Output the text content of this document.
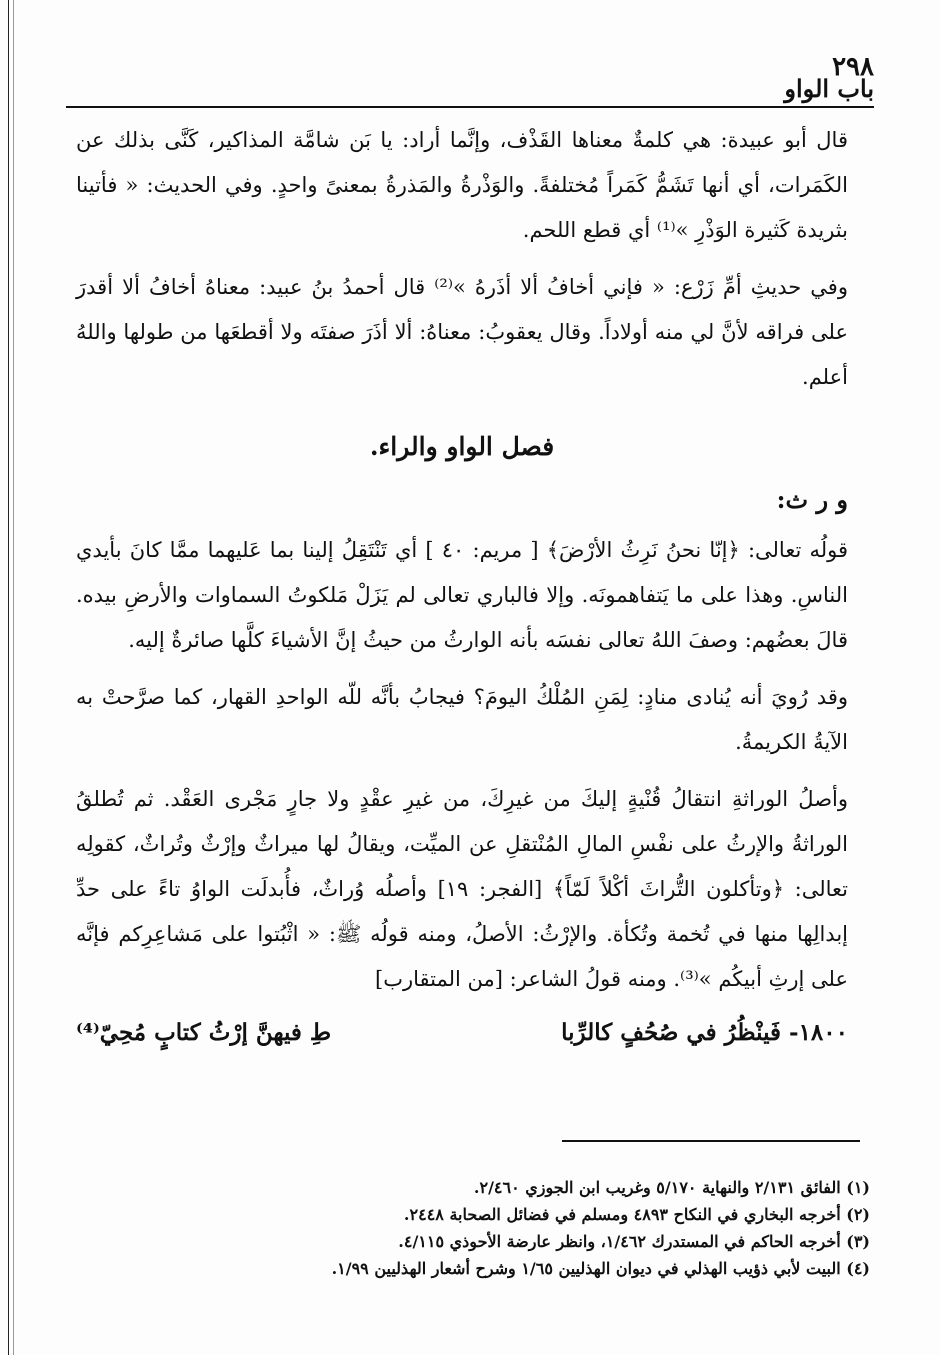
٢٩٨
باب الواو

قال أبو عبيدة: هي كلمةٌ معناها القَذْف، وإنَّما أراد: يا بَن شامَّة المذاكير، كَنَّى بذلك عن الكَمَرات، أي أنها تَشَمُّ كَمَراً مُختلفةً. والوَذْرةُ والمَذرةُ بمعنىً واحدٍ. وفي الحديث: « فأتينا بثريدة كَثيرة الوَذْرِ »⁽¹⁾ أي قطع اللحم.

وفي حديثِ أمِّ زَرْع: « فإني أخافُ ألا أذَرهُ »⁽²⁾ قال أحمدُ بنُ عبيد: معناهُ أخافُ ألا أقدرَ على فراقه لأنَّ لي منه أولاداً. وقال يعقوبُ: معناهُ: ألا أذَرَ صفتَه ولا أقطعَها من طولها واللهُ أعلم.

فصل الواو والراء.
و ر ث:

قولُه تعالى: ﴿إنّا نحنُ نَرِثُ الأرْضَ﴾ [ مريم: ٤٠ ] أي تَنْتَقِلُ إلينا بما عَليهما ممَّا كانَ بأيدي الناسِ. وهذا على ما يَتفاهمونَه. وإلا فالباري تعالى لم يَزَلْ مَلكوتُ السماوات والأرضِ بيده. قالَ بعضُهم: وصفَ اللهُ تعالى نفسَه بأنه الوارثُ من حيثُ إنَّ الأشياءَ كلَّها صائرةٌ إليه.

وقد رُويَ أنه يُنادى منادٍ: لِمَنِ المُلْكُ اليومَ؟ فيجابُ بأنَّه للّه الواحدِ القهار، كما صرَّحتْ به الآيةُ الكريمةُ.

وأصلُ الوراثةِ انتقالُ قُنْيةٍ إليكَ من غيرِكَ، من غيرِ عقْدٍ ولا جارٍ مَجْرى العَقْد. ثم تُطلقُ الوراثةُ والإرثُ على نفْسِ المالِ المُنْتقلِ عن الميِّت، ويقالُ لها ميراثٌ وإرْثٌ وتُراثٌ، كقولِه تعالى: ﴿وتأكلون التُّراثَ أكْلاً لَمّاً﴾ [الفجر: ١٩] وأصلُه وُراثٌ، فأُبدلَت الواوُ تاءً على حدِّ إبدالِها منها في تُخمة وتُكأة. والإرْثُ: الأصلُ، ومنه قولُه ﷺ: « اثْبُتوا على مَشاعِرِكم فإنَّه على إرثِ أبيكُم »⁽³⁾. ومنه قولُ الشاعر: [من المتقارب]

١٨٠٠- فَينْظُرُ في صُحُفٍ كالرِّبا
طِ فيهنَّ إرْثُ كتابٍ مُحِيّ⁽⁴⁾

(١) الفائق ٢/١٣١ والنهاية ٥/١٧٠ وغريب ابن الجوزي ٢/٤٦٠.

(٢) أخرجه البخاري في النكاح ٤٨٩٣ ومسلم في فضائل الصحابة ٢٤٤٨.

(٣) أخرجه الحاكم في المستدرك ١/٤٦٢، وانظر عارضة الأحوذي ٤/١١٥.

(٤) البيت لأبي ذؤيب الهذلي في ديوان الهذليين ١/٦٥ وشرح أشعار الهذليين ١/٩٩.
